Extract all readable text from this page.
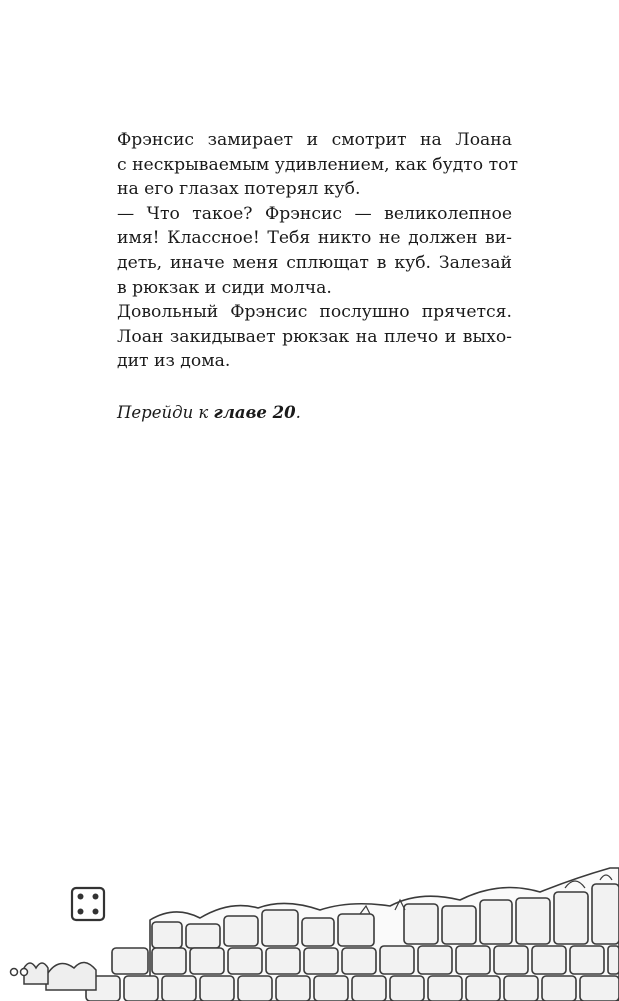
Фрэнсис замирает и смотрит на Лоана
с нескрываемым удивлением, как будто тот
на его глазах потерял куб.
— Что такое? Фрэнсис — великолепное
имя! Классное! Тебя никто не должен ви-
деть, иначе меня сплющат в куб. Залезай
в рюкзак и сиди молча.
Довольный Фрэнсис послушно прячется.
Лоан закидывает рюкзак на плечо и выхо-
дит из дома.
Перейди к главе 20.
